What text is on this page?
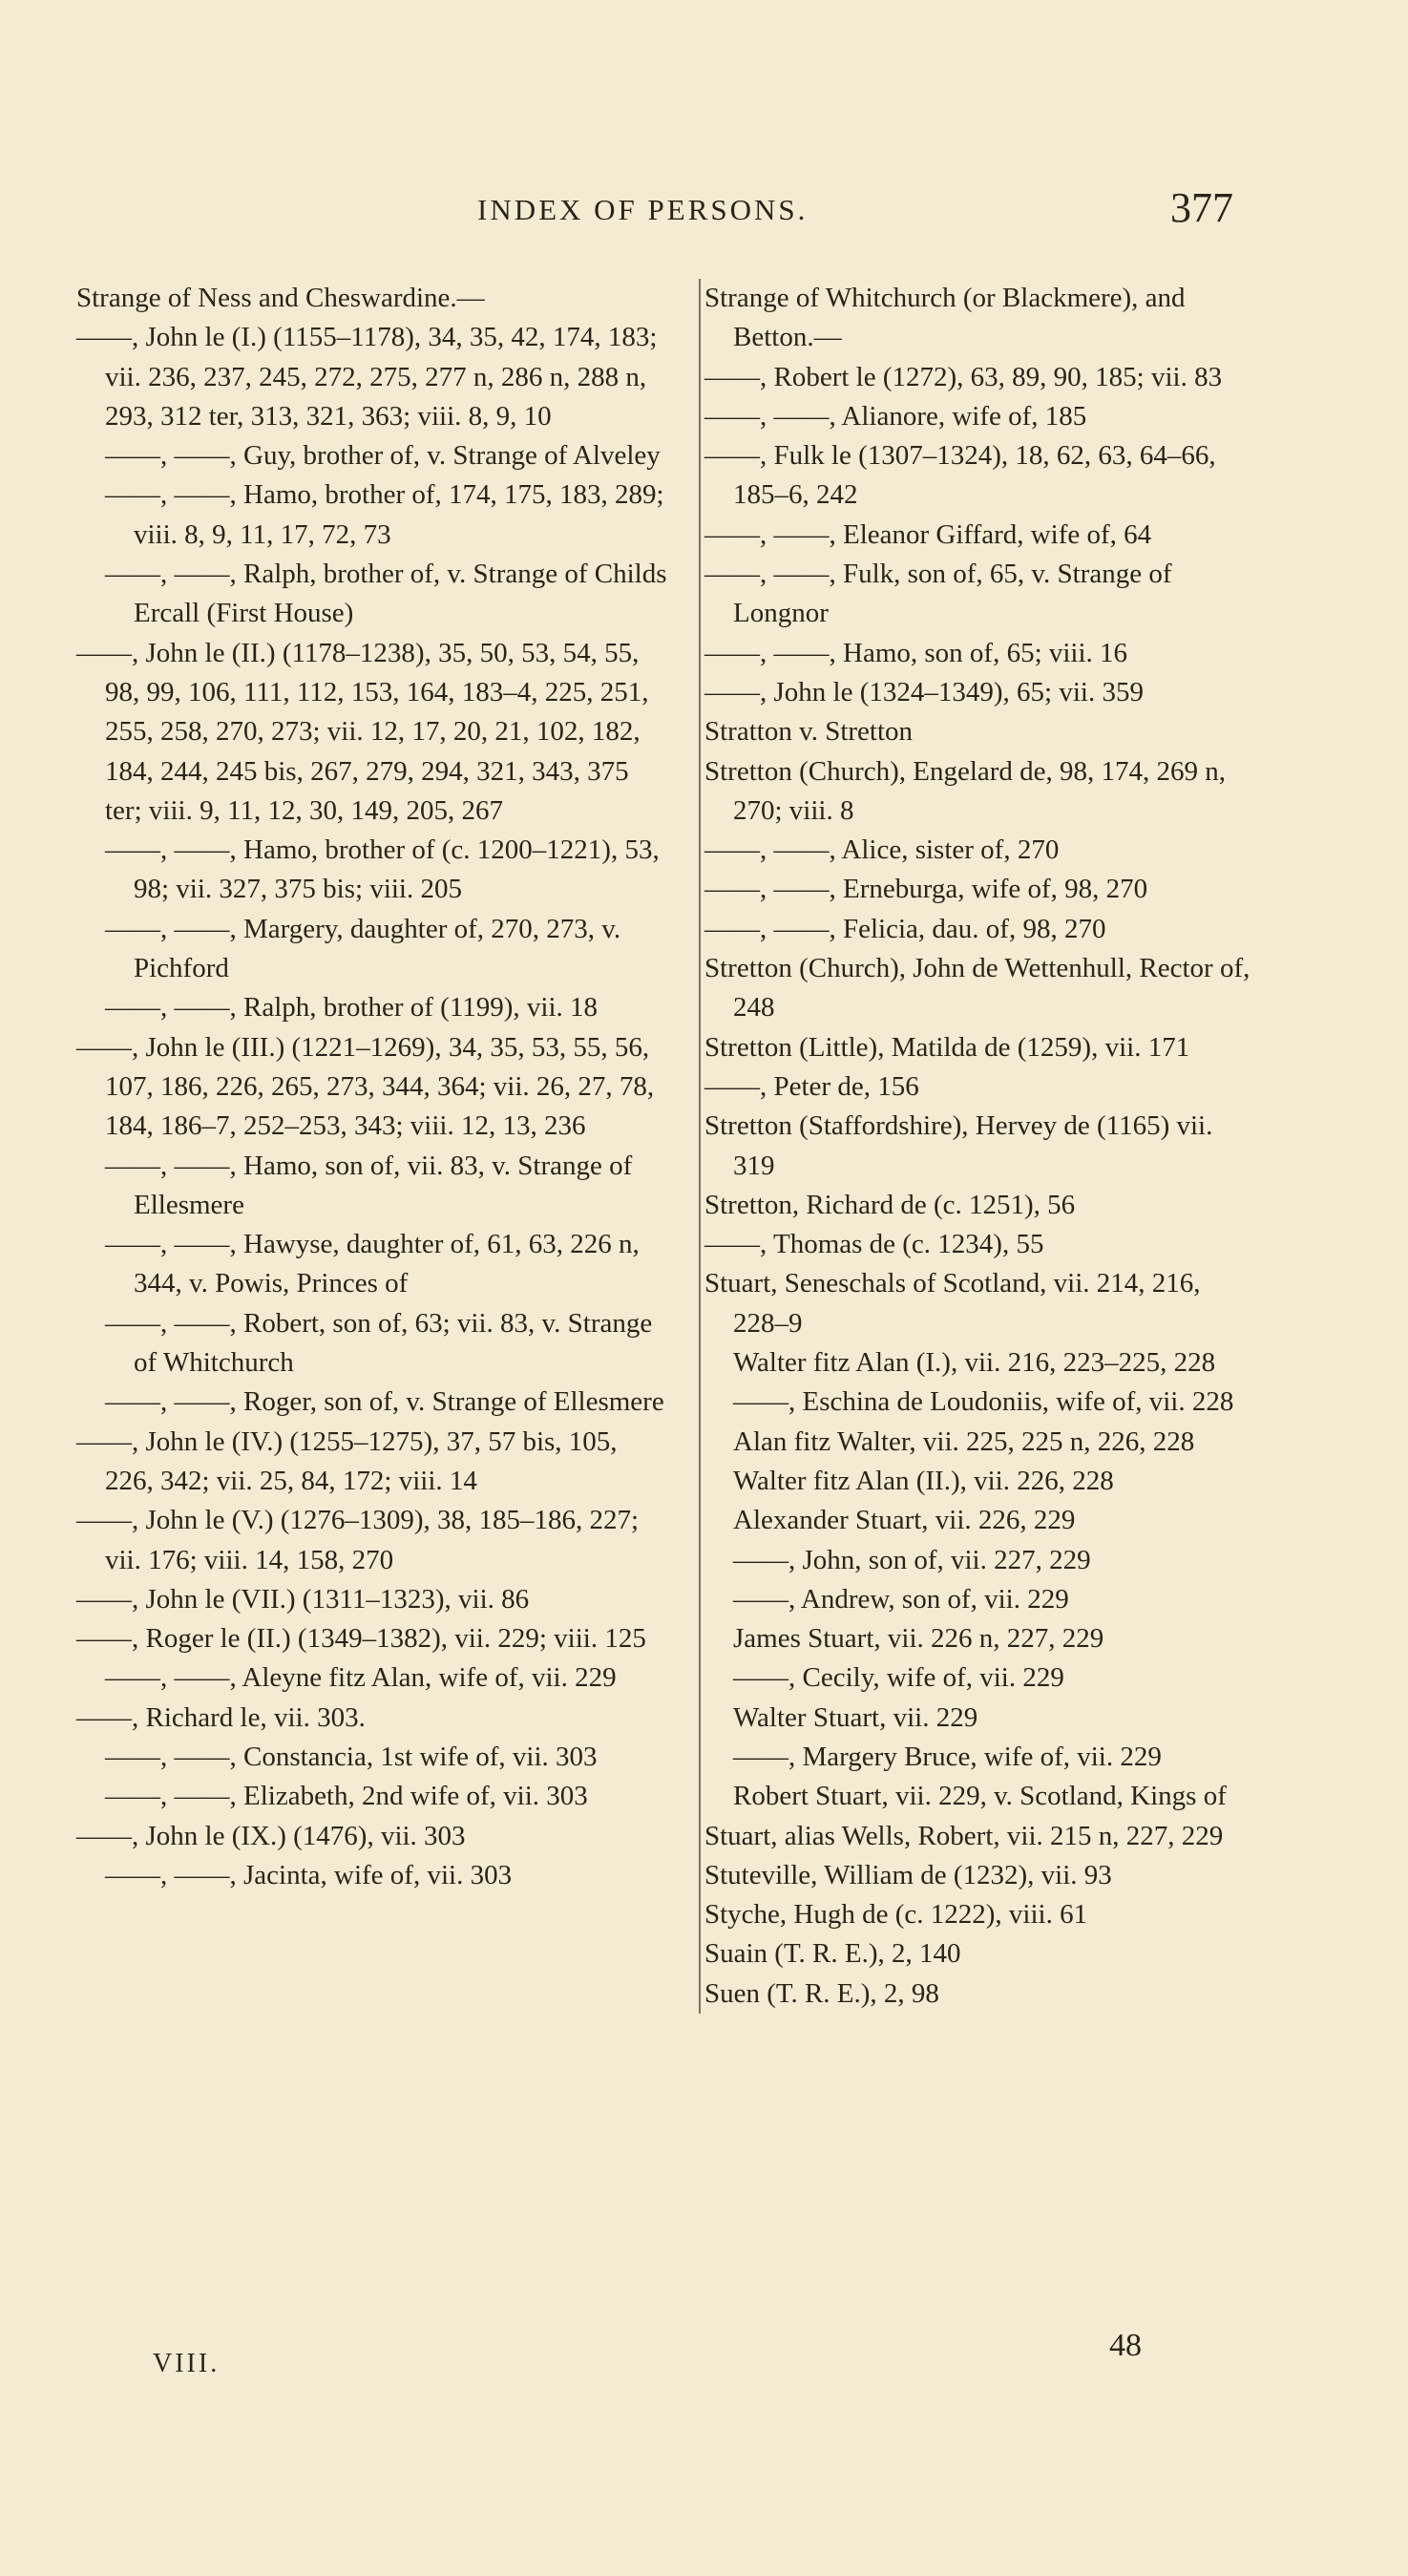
INDEX OF PERSONS.	377

Strange of Ness and Cheswardine.—

——, John le (I.) (1155–1178), 34, 35, 42, 174, 183; vii. 236, 237, 245, 272, 275, 277 n, 286 n, 288 n, 293, 312 ter, 313, 321, 363; viii. 8, 9, 10

——, ——, Guy, brother of, v. Strange of Alveley

——, ——, Hamo, brother of, 174, 175, 183, 289; viii. 8, 9, 11, 17, 72, 73

——, ——, Ralph, brother of, v. Strange of Childs Ercall (First House)

——, John le (II.) (1178–1238), 35, 50, 53, 54, 55, 98, 99, 106, 111, 112, 153, 164, 183–4, 225, 251, 255, 258, 270, 273; vii. 12, 17, 20, 21, 102, 182, 184, 244, 245 bis, 267, 279, 294, 321, 343, 375 ter; viii. 9, 11, 12, 30, 149, 205, 267

——, ——, Hamo, brother of (c. 1200–1221), 53, 98; vii. 327, 375 bis; viii. 205

——, ——, Margery, daughter of, 270, 273, v. Pichford

——, ——, Ralph, brother of (1199), vii. 18

——, John le (III.) (1221–1269), 34, 35, 53, 55, 56, 107, 186, 226, 265, 273, 344, 364; vii. 26, 27, 78, 184, 186–7, 252–253, 343; viii. 12, 13, 236

——, ——, Hamo, son of, vii. 83, v. Strange of Ellesmere

——, ——, Hawyse, daughter of, 61, 63, 226 n, 344, v. Powis, Princes of

——, ——, Robert, son of, 63; vii. 83, v. Strange of Whitchurch

——, ——, Roger, son of, v. Strange of Ellesmere

——, John le (IV.) (1255–1275), 37, 57 bis, 105, 226, 342; vii. 25, 84, 172; viii. 14

——, John le (V.) (1276–1309), 38, 185–186, 227; vii. 176; viii. 14, 158, 270

——, John le (VII.) (1311–1323), vii. 86

——, Roger le (II.) (1349–1382), vii. 229; viii. 125

——, ——, Aleyne fitz Alan, wife of, vii. 229

——, Richard le, vii. 303.

——, ——, Constancia, 1st wife of, vii. 303

——, ——, Elizabeth, 2nd wife of, vii. 303

——, John le (IX.) (1476), vii. 303

——, ——, Jacinta, wife of, vii. 303

Strange of Whitchurch (or Blackmere), and Betton.—

——, Robert le (1272), 63, 89, 90, 185; vii. 83

——, ——, Alianore, wife of, 185

——, Fulk le (1307–1324), 18, 62, 63, 64–66, 185–6, 242

——, ——, Eleanor Giffard, wife of, 64

——, ——, Fulk, son of, 65, v. Strange of Longnor

——, ——, Hamo, son of, 65; viii. 16

——, John le (1324–1349), 65; vii. 359

Stratton v. Stretton

Stretton (Church), Engelard de, 98, 174, 269 n, 270; viii. 8

——, ——, Alice, sister of, 270

——, ——, Erneburga, wife of, 98, 270

——, ——, Felicia, dau. of, 98, 270

Stretton (Church), John de Wettenhull, Rector of, 248

Stretton (Little), Matilda de (1259), vii. 171

——, Peter de, 156

Stretton (Staffordshire), Hervey de (1165) vii. 319

Stretton, Richard de (c. 1251), 56

——, Thomas de (c. 1234), 55

Stuart, Seneschals of Scotland, vii. 214, 216, 228–9

Walter fitz Alan (I.), vii. 216, 223–225, 228

——, Eschina de Loudoniis, wife of, vii. 228

Alan fitz Walter, vii. 225, 225 n, 226, 228

Walter fitz Alan (II.), vii. 226, 228

Alexander Stuart, vii. 226, 229

——, John, son of, vii. 227, 229

——, Andrew, son of, vii. 229

James Stuart, vii. 226 n, 227, 229

——, Cecily, wife of, vii. 229

Walter Stuart, vii. 229

——, Margery Bruce, wife of, vii. 229

Robert Stuart, vii. 229, v. Scotland, Kings of

Stuart, alias Wells, Robert, vii. 215 n, 227, 229

Stuteville, William de (1232), vii. 93

Styche, Hugh de (c. 1222), viii. 61

Suain (T. R. E.), 2, 140

Suen (T. R. E.), 2, 98

VIII.
48
